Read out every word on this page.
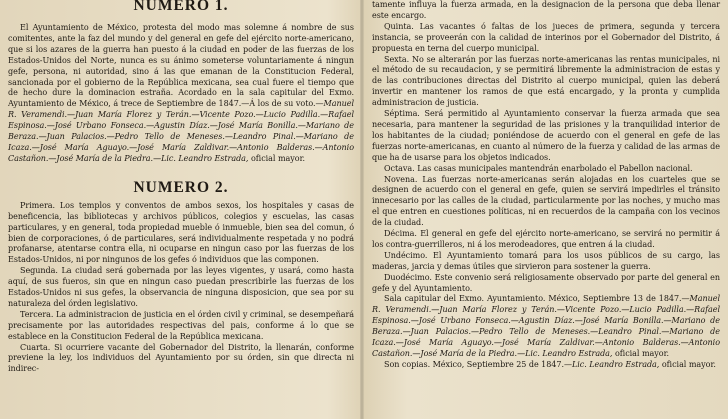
NUMERO 1.

El Ayuntamiento de México, protesta del modo mas solemne á nombre de sus comitentes, ante la faz del mundo y del general en gefe del ejército norte-americano, que si los azares de la guerra han puesto á la ciudad en poder de las fuerzas de los Estados-Unidos del Norte, nunca es su ánimo someterse voluntariamente á ningun gefe, persona, ni autoridad, sino á las que emanan de la Constitucion Federal, sancionada por el gobierno de la República mexicana, sea cual fuere el tiempo que de hecho dure la dominacion estraña. Acordado en la sala capitular del Exmo. Ayuntamiento de México, á trece de Septiembre de 1847.—Á los de su voto.—Manuel R. Veramendi.—Juan María Florez y Terán.—Vicente Pozo.—Lucio Padilla.—Rafael Espinosa.—José Urbano Fonseca.—Agustin Díaz.—José María Bonilla.—Mariano de Beraza.—Juan Palacios.—Pedro Tello de Meneses.—Leandro Pinal.—Mariano de Icaza.—José María Aguayo.—José María Zaldivar.—Antonio Balderas.—Antonio Castañon.—José María de la Piedra.—Lic. Leandro Estrada, oficial mayor.

NUMERO 2.

Primera. Los templos y conventos de ambos sexos, los hospitales y casas de beneficencia, las bibliotecas y archivos públicos, colegios y escuelas, las casas particulares, y en general, toda propiedad mueble ó inmueble, bien sea del comun, ó bien de corporaciones, ó de particulares, será individualmente respetada y no podrá profanarse, atentarse contra ella, ni ocuparse en ningun caso por las fuerzas de los Estados-Unidos, ni por ningunos de los gefes ó individuos que las componen.

Segunda. La ciudad será gobernada por las leyes vigentes, y usará, como hasta aquí, de sus fueros, sin que en ningun caso puedan prescribirle las fuerzas de los Estados-Unidos ni sus gefes, la observancia de ninguna disposicion, que sea por su naturaleza del órden legislativo.

Tercera. La administracion de justicia en el órden civil y criminal, se desempeñará precisamente por las autoridades respectivas del pais, conforme á lo que se establece en la Constitucion Federal de la República mexicana.

Cuarta. Si ocurriere vacante del Gobernador del Distrito, la llenarán, conforme previene la ley, los individuos del Ayuntamiento por su órden, sin que directa ni indirec-

tamente influya la fuerza armada, en la designacion de la persona que deba llenar este encargo.

Quinta. Las vacantes ó faltas de los jueces de primera, segunda y tercera instancia, se proveerán con la calidad de interinos por el Gobernador del Distrito, á propuesta en terna del cuerpo municipal.

Sexta. No se alterarán por las fuerzas norte-americanas las rentas municipales, ni el método de su recaudacion, y se permitirá libremente la administracion de estas y de las contribuciones directas del Distrito al cuerpo municipal, quien las deberá invertir en mantener los ramos de que está encargado, y la pronta y cumplida administracion de justicia.

Séptima. Será permitido al Ayuntamiento conservar la fuerza armada que sea necesaria, para mantener la seguridad de las prisiones y la tranquilidad interior de los habitantes de la ciudad; poniéndose de acuerdo con el general en gefe de las fuerzas norte-americanas, en cuanto al número de la fuerza y calidad de las armas de que ha de usarse para los objetos indicados.

Octava. Las casas municipales mantendrán enarbolado el Pabellon nacional.

Novena. Las fuerzas norte-americanas serán alojadas en los cuarteles que se designen de acuerdo con el general en gefe, quien se servirá impedirles el tránsito innecesario por las calles de la ciudad, particularmente por las noches, y mucho mas el que entren en cuestiones políticas, ni en recuerdos de la campaña con los vecinos de la ciudad.

Décima. El general en gefe del ejército norte-americano, se servirá no permitir á los contra-guerrilleros, ni á los merodeadores, que entren á la ciudad.

Undécimo. El Ayuntamiento tomará para los usos públicos de su cargo, las maderas, jarcia y demas útiles que sirvieron para sostener la guerra.

Duodécimo. Este convenio será religiosamente observado por parte del general en gefe y del Ayuntamiento.

Sala capitular del Exmo. Ayuntamiento. México, Septiembre 13 de 1847.—Manuel R. Veramendi.—Juan María Florez y Terán.—Vicente Pozo.—Lucio Padilla.—Rafael Espinosa.—José Urbano Fonseca.—Agustin Díaz.—José María Bonilla.—Mariano de Beraza.—Juan Palacios.—Pedro Tello de Meneses.—Leandro Pinal.—Mariano de Icaza.—José María Aguayo.—José María Zaldivar.—Antonio Balderas.—Antonio Castañon.—José María de la Piedra.—Lic. Leandro Estrada, oficial mayor.

Son copias. México, Septiembre 25 de 1847.—Lic. Leandro Estrada, oficial mayor.
